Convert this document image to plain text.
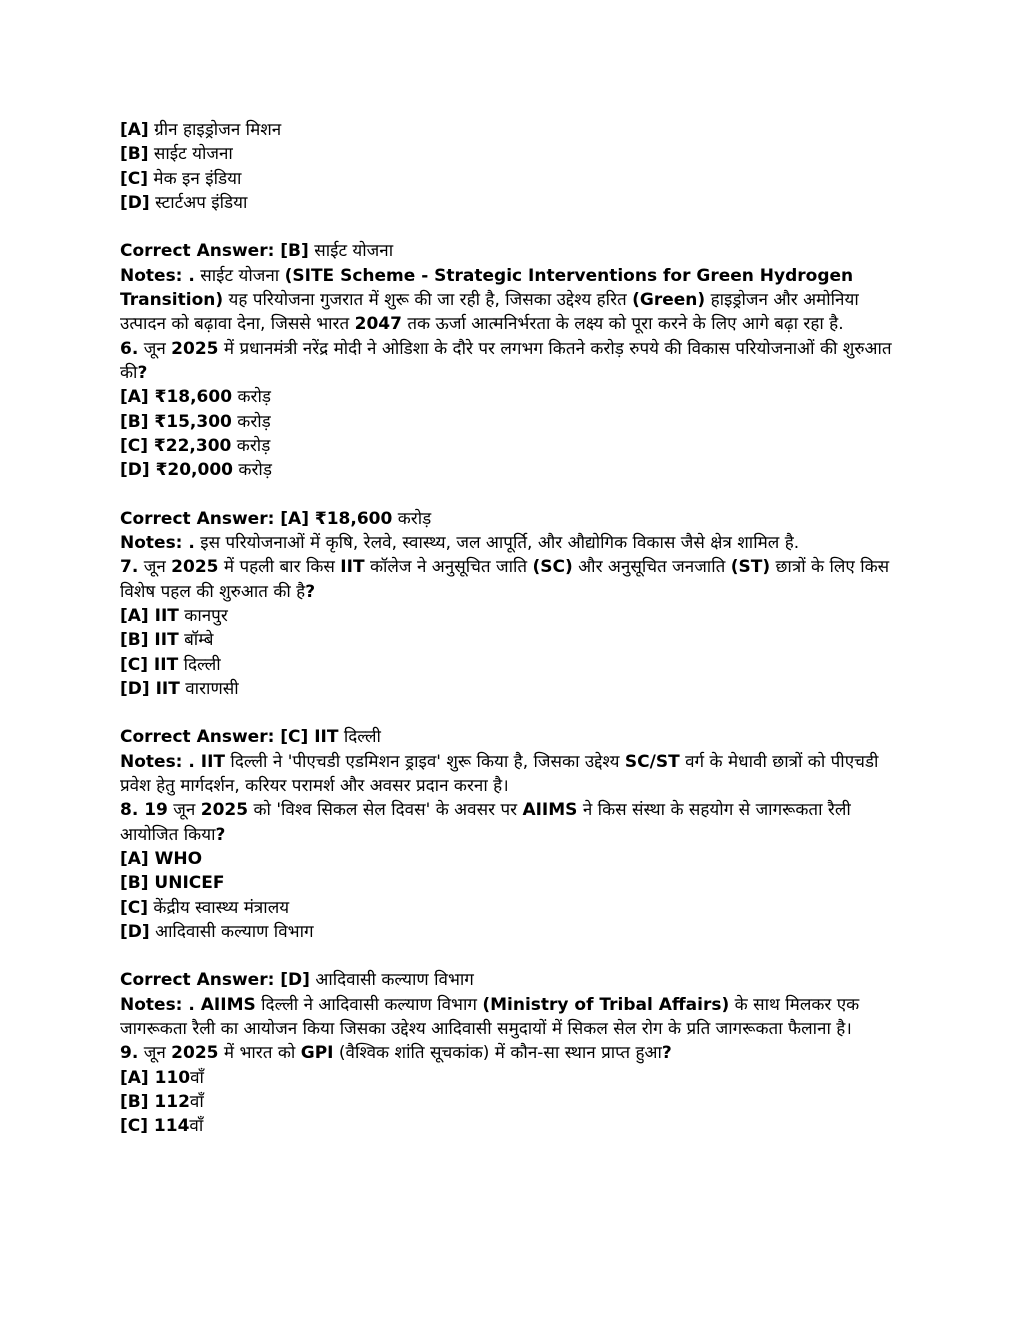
[A] ग्रीन हाइड्रोजन मिशन
[B] साईट योजना
[C] मेक इन इंडिया
[D] स्टार्टअप इंडिया
Correct Answer: [B] साईट योजना
Notes: . साईट योजना (SITE Scheme - Strategic Interventions for Green Hydrogen Transition) यह परियोजना गुजरात में शुरू की जा रही है, जिसका उद्देश्य हरित (Green) हाइड्रोजन और अमोनिया उत्पादन को बढ़ावा देना, जिससे भारत 2047 तक ऊर्जा आत्मनिर्भरता के लक्ष्य को पूरा करने के लिए आगे बढ़ा रहा है.
6. जून 2025 में प्रधानमंत्री नरेंद्र मोदी ने ओडिशा के दौरे पर लगभग कितने करोड़ रुपये की विकास परियोजनाओं की शुरुआत की?
[A] ₹18,600 करोड़
[B] ₹15,300 करोड़
[C] ₹22,300 करोड़
[D] ₹20,000 करोड़
Correct Answer: [A] ₹18,600 करोड़
Notes: . इस परियोजनाओं में कृषि, रेलवे, स्वास्थ्य, जल आपूर्ति, और औद्योगिक विकास जैसे क्षेत्र शामिल है.
7. जून 2025 में पहली बार किस IIT कॉलेज ने अनुसूचित जाति (SC) और अनुसूचित जनजाति (ST) छात्रों के लिए किस विशेष पहल की शुरुआत की है?
[A] IIT कानपुर
[B] IIT बॉम्बे
[C] IIT दिल्ली
[D] IIT वाराणसी
Correct Answer: [C] IIT दिल्ली
Notes: . IIT दिल्ली ने 'पीएचडी एडमिशन ड्राइव' शुरू किया है, जिसका उद्देश्य SC/ST वर्ग के मेधावी छात्रों को पीएचडी प्रवेश हेतु मार्गदर्शन, करियर परामर्श और अवसर प्रदान करना है।
8. 19 जून 2025 को 'विश्व सिकल सेल दिवस' के अवसर पर AIIMS ने किस संस्था के सहयोग से जागरूकता रैली आयोजित किया?
[A] WHO
[B] UNICEF
[C] केंद्रीय स्वास्थ्य मंत्रालय
[D] आदिवासी कल्याण विभाग
Correct Answer: [D] आदिवासी कल्याण विभाग
Notes: . AIIMS दिल्ली ने आदिवासी कल्याण विभाग (Ministry of Tribal Affairs) के साथ मिलकर एक जागरूकता रैली का आयोजन किया जिसका उद्देश्य आदिवासी समुदायों में सिकल सेल रोग के प्रति जागरूकता फैलाना है।
9. जून 2025 में भारत को GPI (वैश्विक शांति सूचकांक) में कौन-सा स्थान प्राप्त हुआ?
[A] 110वाँ
[B] 112वाँ
[C] 114वाँ
